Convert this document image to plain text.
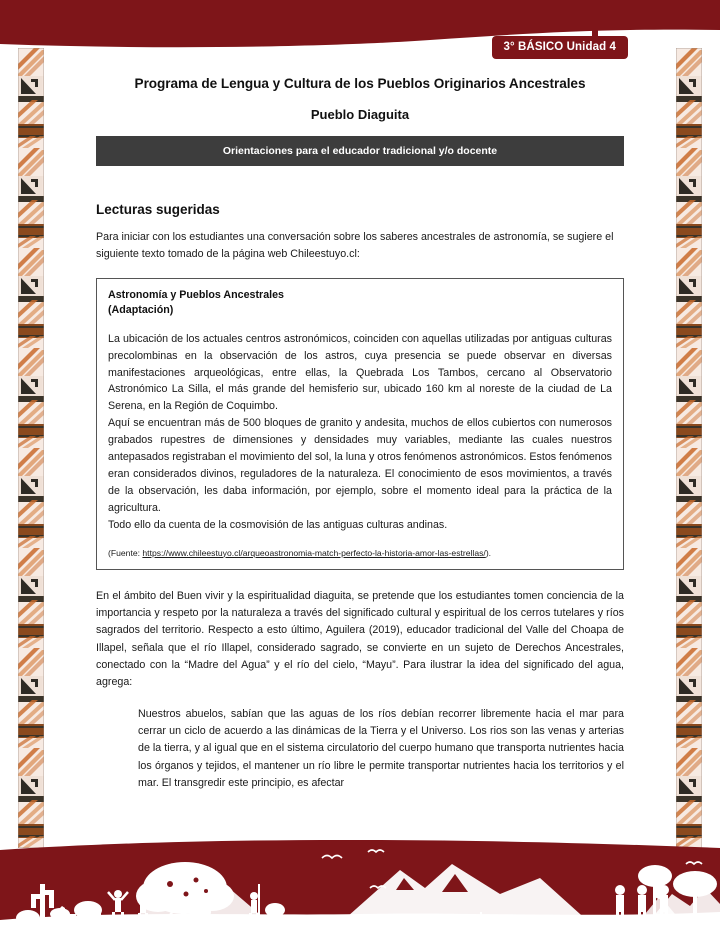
3° BÁSICO Unidad 4
Programa de Lengua y Cultura de los Pueblos Originarios Ancestrales
Pueblo Diaguita
Orientaciones para el educador tradicional y/o docente
Lecturas sugeridas

Para iniciar con los estudiantes una conversación sobre los saberes ancestrales de astronomía, se sugiere el siguiente texto tomado de la página web Chileestuyo.cl:

Astronomía y Pueblos Ancestrales
(Adaptación)

La ubicación de los actuales centros astronómicos, coinciden con aquellas utilizadas por antiguas culturas precolombinas en la observación de los astros, cuya presencia se puede observar en diversas manifestaciones arqueológicas, entre ellas, la Quebrada Los Tambos, cercano al Observatorio Astronómico La Silla, el más grande del hemisferio sur, ubicado 160 km al noreste de la ciudad de La Serena, en la Región de Coquimbo.

Aquí se encuentran más de 500 bloques de granito y andesita, muchos de ellos cubiertos con numerosos grabados rupestres de dimensiones y densidades muy variables, mediante las cuales nuestros antepasados registraban el movimiento del sol, la luna y otros fenómenos astronómicos. Estos fenómenos eran considerados divinos, reguladores de la naturaleza. El conocimiento de esos movimientos, a través de la observación, les daba información, por ejemplo, sobre el momento ideal para la práctica de la agricultura.

Todo ello da cuenta de la cosmovisión de las antiguas culturas andinas.

(Fuente: https://www.chileestuyo.cl/arqueoastronomia-match-perfecto-la-historia-amor-las-estrellas/).

En el ámbito del Buen vivir y la espiritualidad diaguita, se pretende que los estudiantes tomen conciencia de la importancia y respeto por la naturaleza a través del significado cultural y espiritual de los cerros tutelares y ríos sagrados del territorio. Respecto a esto último, Aguilera (2019), educador tradicional del Valle del Choapa de Illapel, señala que el río Illapel, considerado sagrado, se convierte en un sujeto de Derechos Ancestrales, conectado con la “Madre del Agua” y el río del cielo, “Mayu”. Para ilustrar la idea del significado del agua, agrega:

Nuestros abuelos, sabían que las aguas de los ríos debían recorrer libremente hacia el mar para cerrar un ciclo de acuerdo a las dinámicas de la Tierra y el Universo. Los rios son las venas y arterias de la tierra, y al igual que en el sistema circulatorio del cuerpo humano que transporta nutrientes hacia los órganos y tejidos, el mantener un río libre le permite transportar nutrientes hacia los territorios y el mar. El transgredir este principio, es afectar
